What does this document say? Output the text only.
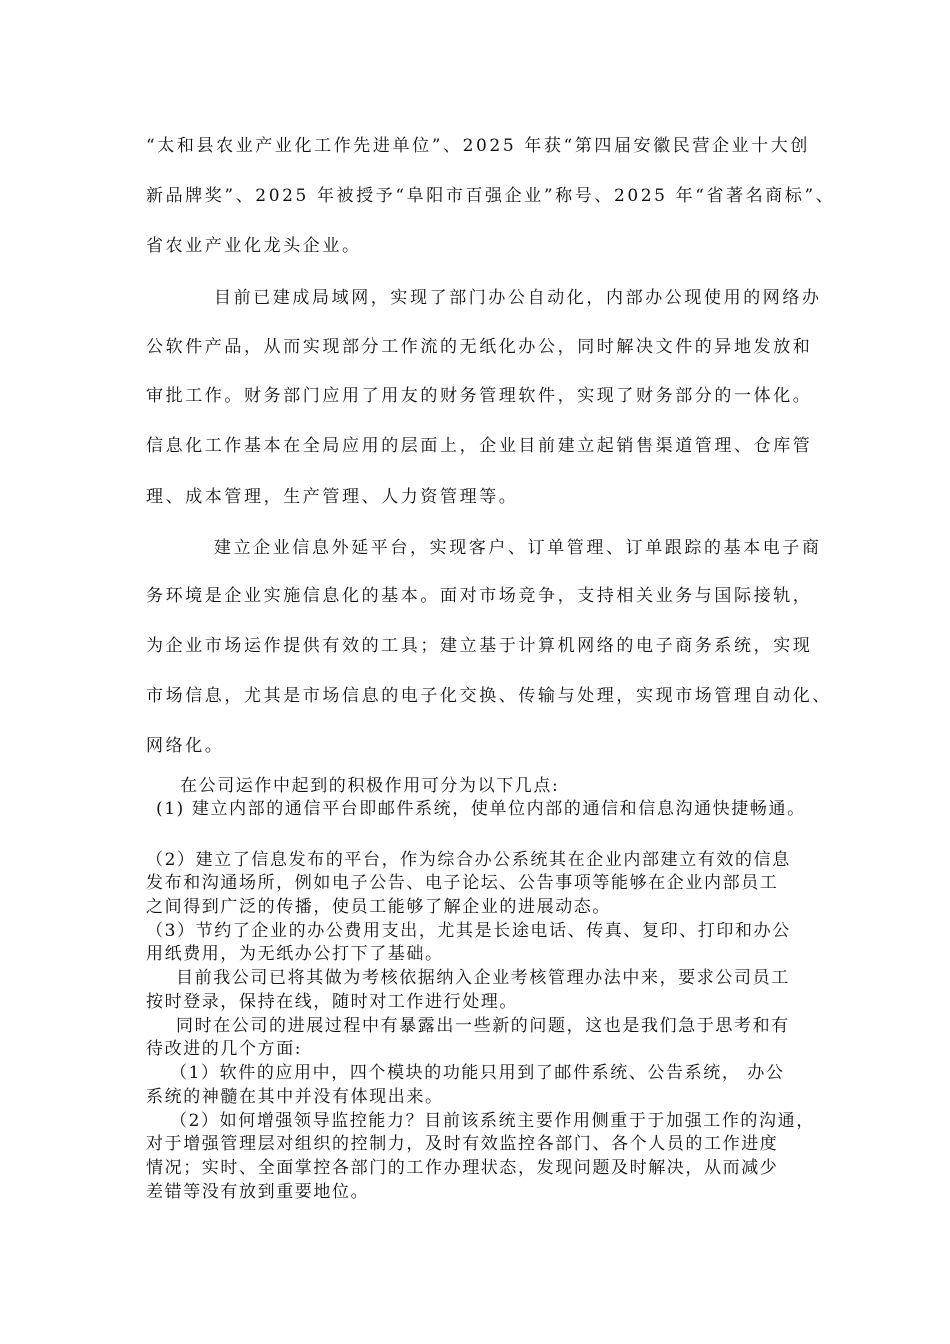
“太和县农业产业化工作先进单位”、2025 年获“第四届安徽民营企业十大创
新品牌奖”、2025 年被授予“阜阳市百强企业”称号、2025 年“省著名商标”、
省农业产业化龙头企业。
目前已建成局域网，实现了部门办公自动化，内部办公现使用的网络办
公软件产品，从而实现部分工作流的无纸化办公，同时解决文件的异地发放和
审批工作。财务部门应用了用友的财务管理软件，实现了财务部分的一体化。
信息化工作基本在全局应用的层面上，企业目前建立起销售渠道管理、仓库管
理、成本管理，生产管理、人力资管理等。
建立企业信息外延平台，实现客户、订单管理、订单跟踪的基本电子商
务环境是企业实施信息化的基本。面对市场竞争，支持相关业务与国际接轨，
为企业市场运作提供有效的工具；建立基于计算机网络的电子商务系统，实现
市场信息，尤其是市场信息的电子化交换、传输与处理，实现市场管理自动化、
网络化。
在公司运作中起到的积极作用可分为以下几点:
(1) 建立内部的通信平台即邮件系统，使单位内部的通信和信息沟通快捷畅通。
（2）建立了信息发布的平台，作为综合办公系统其在企业内部建立有效的信息
发布和沟通场所，例如电子公告、电子论坛、公告事项等能够在企业内部员工
之间得到广泛的传播，使员工能够了解企业的进展动态。
（3）节约了企业的办公费用支出，尤其是长途电话、传真、复印、打印和办公
用纸费用，为无纸办公打下了基础。
目前我公司已将其做为考核依据纳入企业考核管理办法中来，要求公司员工
按时登录，保持在线，随时对工作进行处理。
同时在公司的进展过程中有暴露出一些新的问题，这也是我们急于思考和有
待改进的几个方面:
（1）软件的应用中，四个模块的功能只用到了邮件系统、公告系统， 办公
系统的神髓在其中并没有体现出来。
（2）如何增强领导监控能力？目前该系统主要作用侧重于于加强工作的沟通，
对于增强管理层对组织的控制力，及时有效监控各部门、各个人员的工作进度
情况；实时、全面掌控各部门的工作办理状态，发现问题及时解决，从而减少
差错等没有放到重要地位。
